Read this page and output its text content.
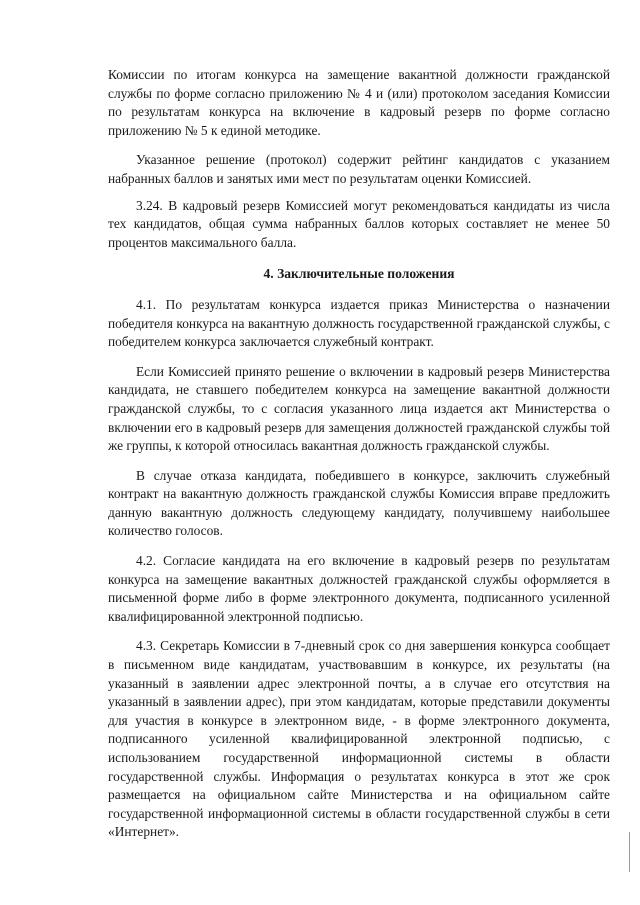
Комиссии по итогам конкурса на замещение вакантной должности гражданской службы по форме согласно приложению № 4 и (или) протоколом заседания Комиссии по результатам конкурса на включение в кадровый резерв по форме согласно приложению № 5 к единой методике.

Указанное решение (протокол) содержит рейтинг кандидатов с указанием набранных баллов и занятых ими мест по результатам оценки Комиссией.

3.24. В кадровый резерв Комиссией могут рекомендоваться кандидаты из числа тех кандидатов, общая сумма набранных баллов которых составляет не менее 50 процентов максимального балла.

4. Заключительные положения

4.1. По результатам конкурса издается приказ Министерства о назначении победителя конкурса на вакантную должность государственной гражданской службы, с победителем конкурса заключается служебный контракт.

Если Комиссией принято решение о включении в кадровый резерв Министерства кандидата, не ставшего победителем конкурса на замещение вакантной должности гражданской службы, то с согласия указанного лица издается акт Министерства о включении его в кадровый резерв для замещения должностей гражданской службы той же группы, к которой относилась вакантная должность гражданской службы.

В случае отказа кандидата, победившего в конкурсе, заключить служебный контракт на вакантную должность гражданской службы Комиссия вправе предложить данную вакантную должность следующему кандидату, получившему наибольшее количество голосов.

4.2. Согласие кандидата на его включение в кадровый резерв по результатам конкурса на замещение вакантных должностей гражданской службы оформляется в письменной форме либо в форме электронного документа, подписанного усиленной квалифицированной электронной подписью.

4.3. Секретарь Комиссии в 7-дневный срок со дня завершения конкурса сообщает в письменном виде кандидатам, участвовавшим в конкурсе, их результаты (на указанный в заявлении адрес электронной почты, а в случае его отсутствия на указанный в заявлении адрес), при этом кандидатам, которые представили документы для участия в конкурсе в электронном виде, - в форме электронного документа, подписанного усиленной квалифицированной электронной подписью, с использованием государственной информационной системы в области государственной службы. Информация о результатах конкурса в этот же срок размещается на официальном сайте Министерства и на официальном сайте государственной информационной системы в области государственной службы в сети «Интернет».
